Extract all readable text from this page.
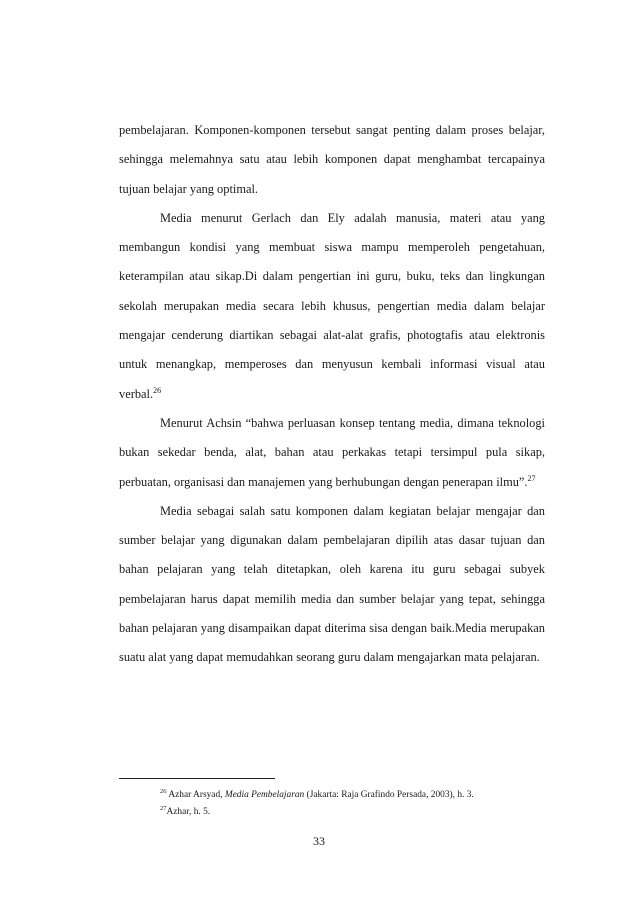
pembelajaran. Komponen-komponen tersebut sangat penting dalam proses belajar, sehingga melemahnya satu atau lebih komponen dapat menghambat tercapainya tujuan belajar yang optimal.

Media menurut Gerlach dan Ely adalah manusia, materi atau yang membangun kondisi yang membuat siswa mampu memperoleh pengetahuan, keterampilan atau sikap.Di dalam pengertian ini guru, buku, teks dan lingkungan sekolah merupakan media secara lebih khusus, pengertian media dalam belajar mengajar cenderung diartikan sebagai alat-alat grafis, photogtafis atau elektronis untuk menangkap, memperoses dan menyusun kembali informasi visual atau verbal.$^{26}$

Menurut Achsin “bahwa perluasan konsep tentang media, dimana teknologi bukan sekedar benda, alat, bahan atau perkakas tetapi tersimpul pula sikap, perbuatan, organisasi dan manajemen yang berhubungan dengan penerapan ilmu”.$^{27}$

Media sebagai salah satu komponen dalam kegiatan belajar mengajar dan sumber belajar yang digunakan dalam pembelajaran dipilih atas dasar tujuan dan bahan pelajaran yang telah ditetapkan, oleh karena itu guru sebagai subyek pembelajaran harus dapat memilih media dan sumber belajar yang tepat, sehingga bahan pelajaran yang disampaikan dapat diterima sisa dengan baik.Media merupakan suatu alat yang dapat memudahkan seorang guru dalam mengajarkan mata pelajaran.

$^{26}$ Azhar Arsyad, Media Pembelajaran (Jakarta: Raja Grafindo Persada, 2003), h. 3.
$^{27}$Azhar, h. 5.
33
